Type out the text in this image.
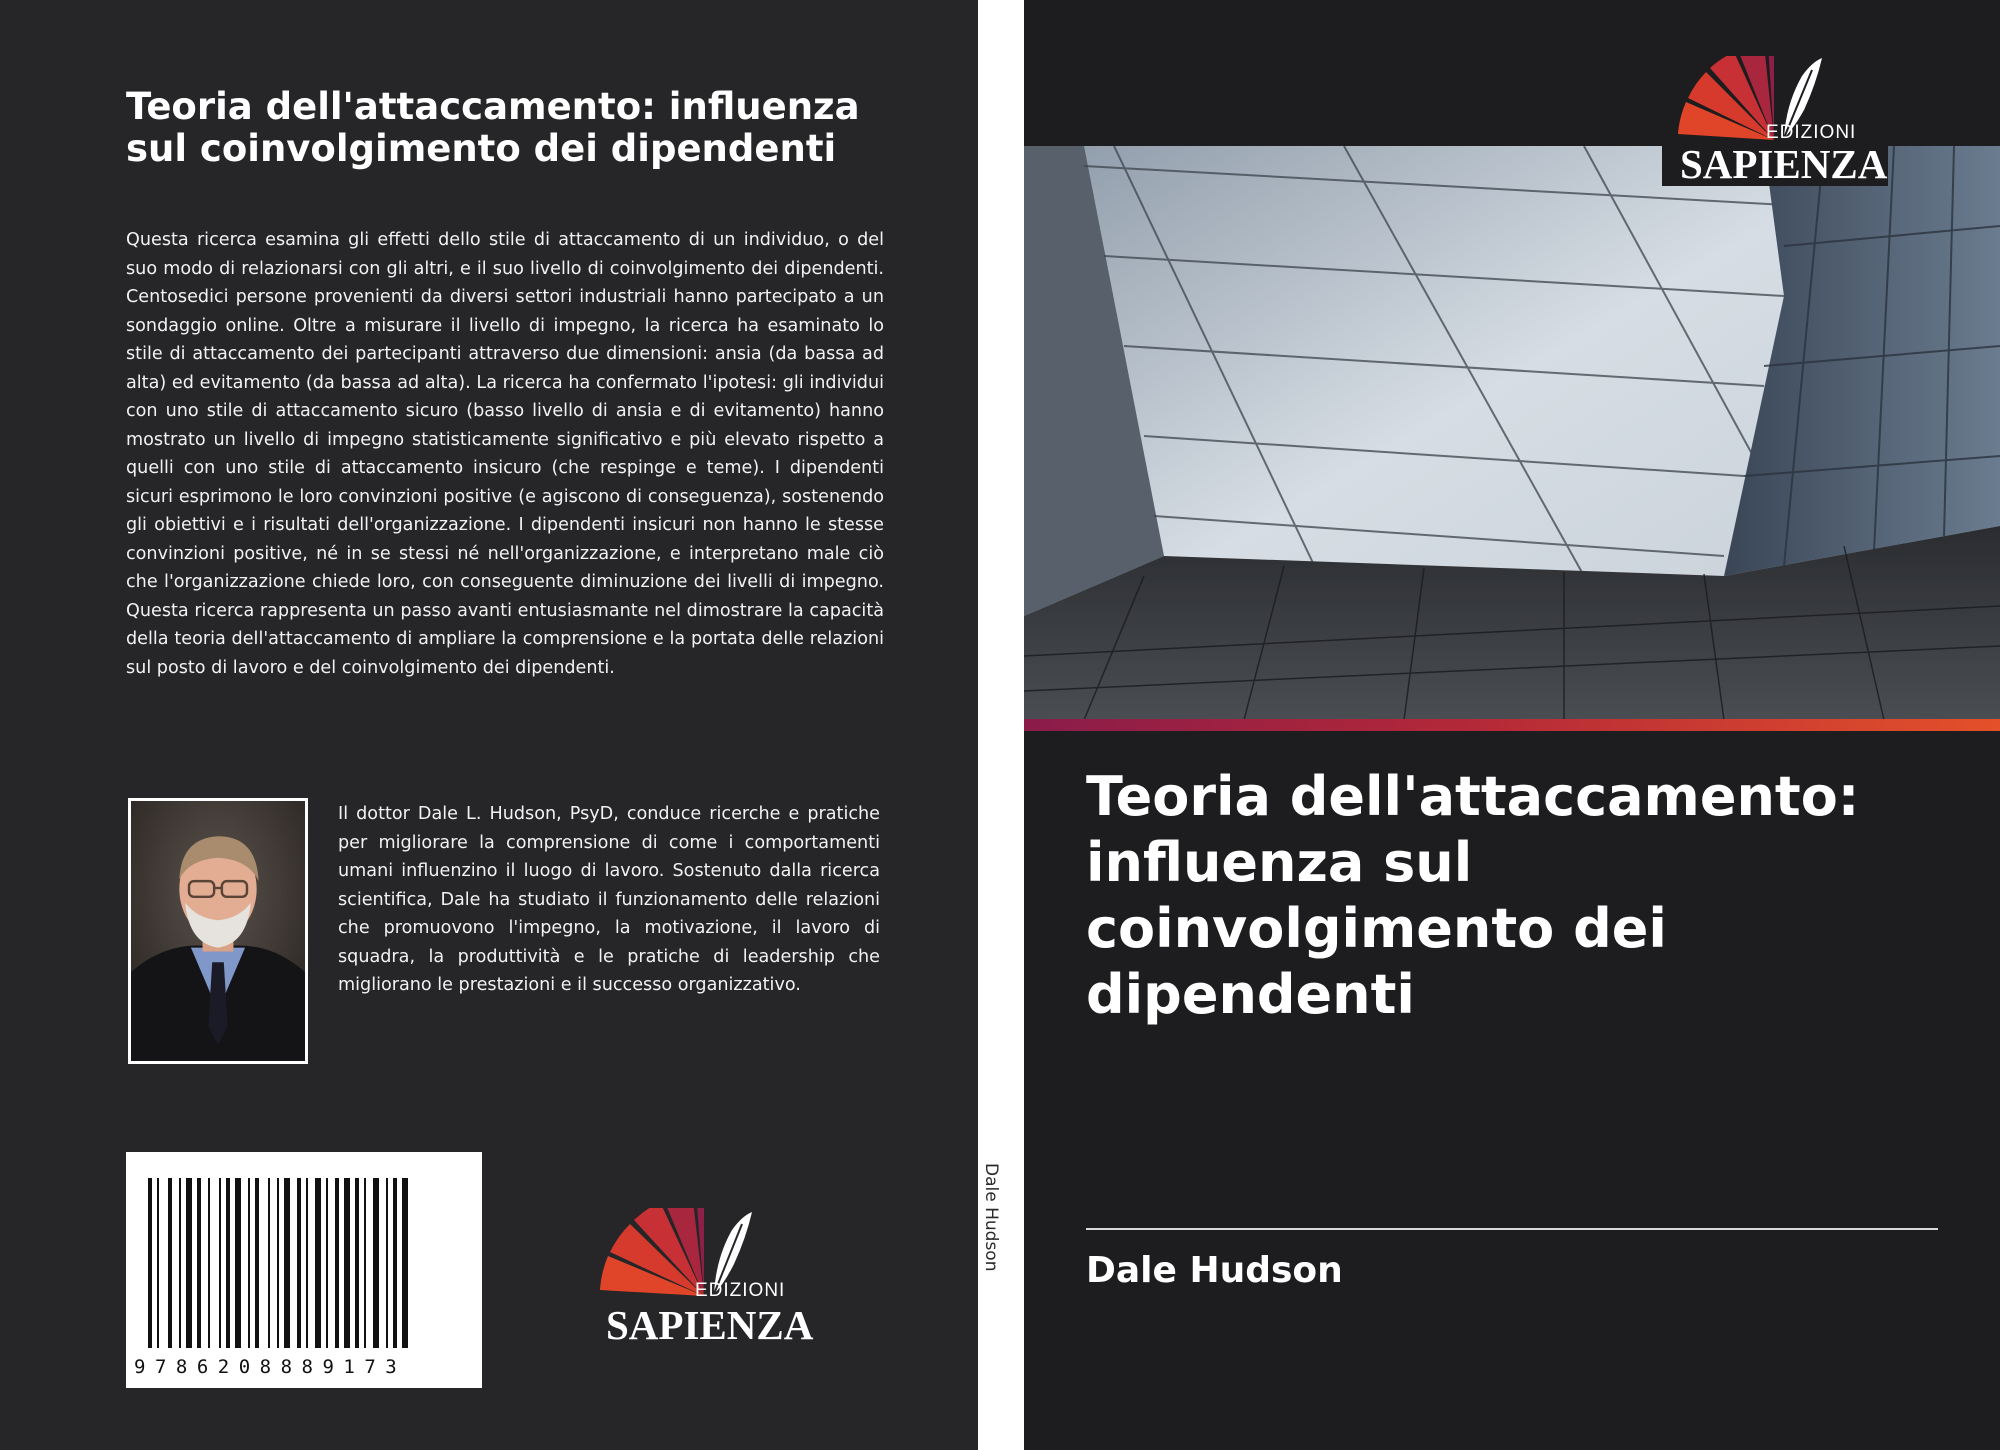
Teoria dell'attaccamento: influenza sul coinvolgimento dei dipendenti

Questa ricerca esamina gli effetti dello stile di attaccamento di un individuo, o del suo modo di relazionarsi con gli altri, e il suo livello di coinvolgimento dei dipendenti. Centosedici persone provenienti da diversi settori industriali hanno partecipato a un sondaggio online. Oltre a misurare il livello di impegno, la ricerca ha esaminato lo stile di attaccamento dei partecipanti attraverso due dimensioni: ansia (da bassa ad alta) ed evitamento (da bassa ad alta). La ricerca ha confermato l'ipotesi: gli individui con uno stile di attaccamento sicuro (basso livello di ansia e di evitamento) hanno mostrato un livello di impegno statisticamente significativo e più elevato rispetto a quelli con uno stile di attaccamento insicuro (che respinge e teme). I dipendenti sicuri esprimono le loro convinzioni positive (e agiscono di conseguenza), sostenendo gli obiettivi e i risultati dell'organizzazione. I dipendenti insicuri non hanno le stesse convinzioni positive, né in se stessi né nell'organizzazione, e interpretano male ciò che l'organizzazione chiede loro, con conseguente diminuzione dei livelli di impegno. Questa ricerca rappresenta un passo avanti entusiasmante nel dimostrare la capacità della teoria dell'attaccamento di ampliare la comprensione e la portata delle relazioni sul posto di lavoro e del coinvolgimento dei dipendenti.

Il dottor Dale L. Hudson, PsyD, conduce ricerche e pratiche per migliorare la comprensione di come i comportamenti umani influenzino il luogo di lavoro. Sostenuto dalla ricerca scientifica, Dale ha studiato il funzionamento delle relazioni che promuovono l'impegno, la motivazione, il lavoro di squadra, la produttività e le pratiche di leadership che migliorano le prestazioni e il successo organizzativo.

9786208889173
EDIZIONI
SAPIENZA
Dale Hudson
EDIZIONI
SAPIENZA
Teoria dell'attaccamento: influenza sul coinvolgimento dei dipendenti
Dale Hudson
